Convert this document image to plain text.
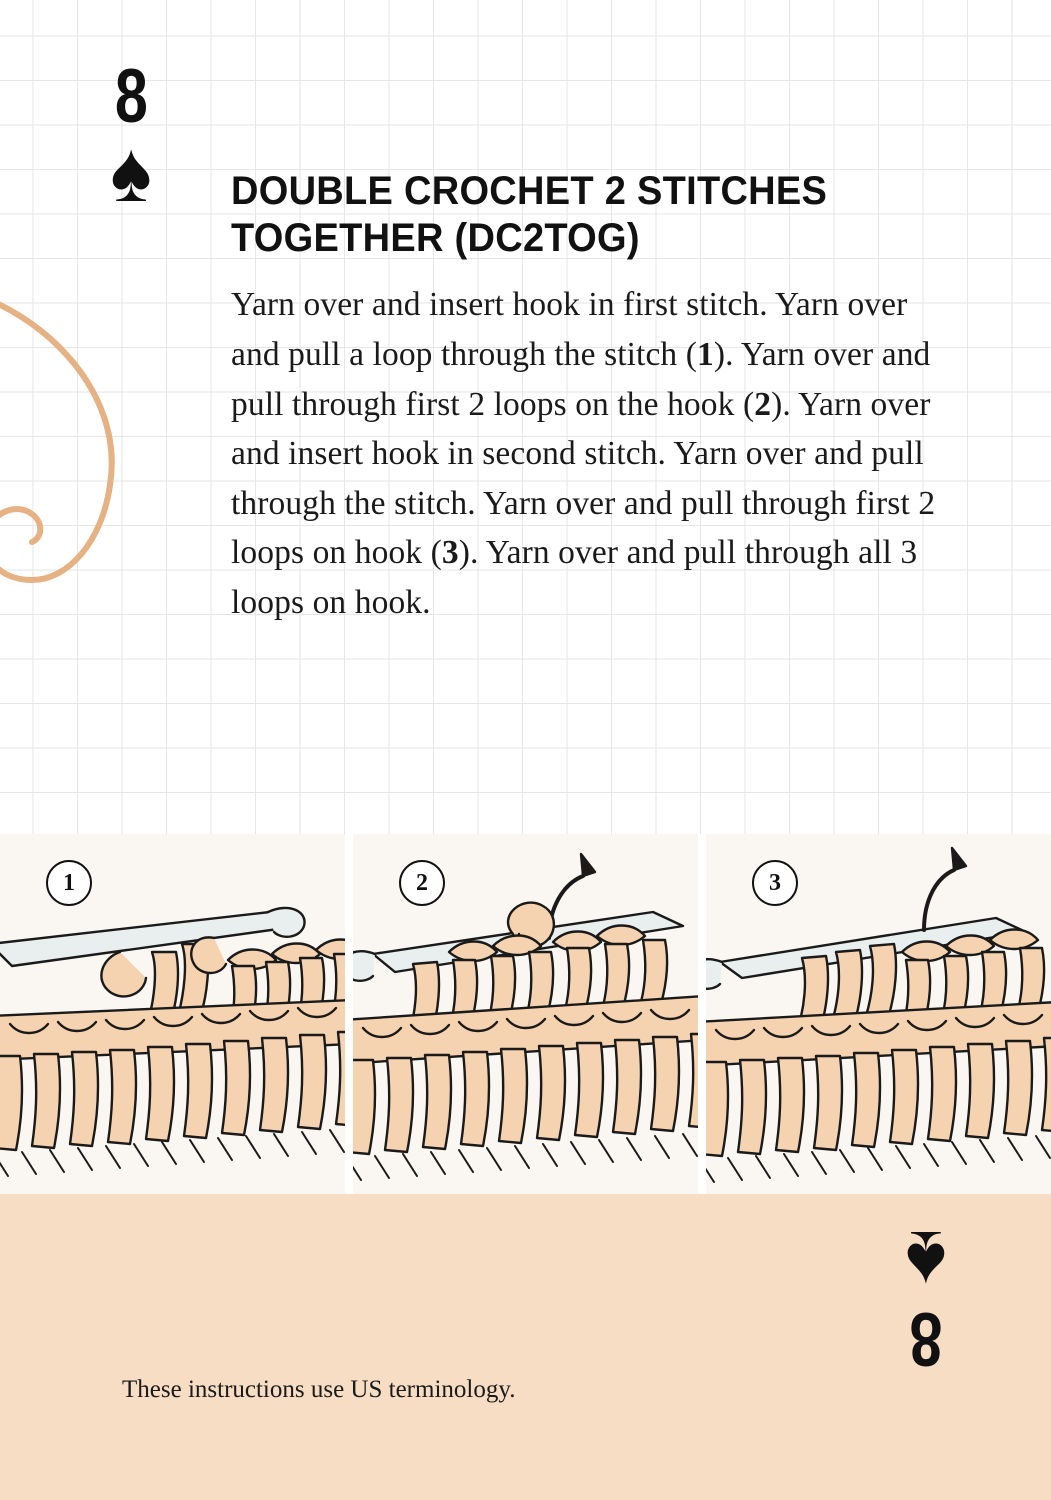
8
♠	DOUBLE CROCHET 2 STITCHES TOGETHER (DC2TOG)

Yarn over and insert hook in first stitch. Yarn over and pull a loop through the stitch (1). Yarn over and pull through first 2 loops on the hook (2). Yarn over and insert hook in second stitch. Yarn over and pull through the stitch. Yarn over and pull through first 2 loops on hook (3). Yarn over and pull through all 3 loops on hook.

1	2	3
These instructions use US terminology.
♠
8
